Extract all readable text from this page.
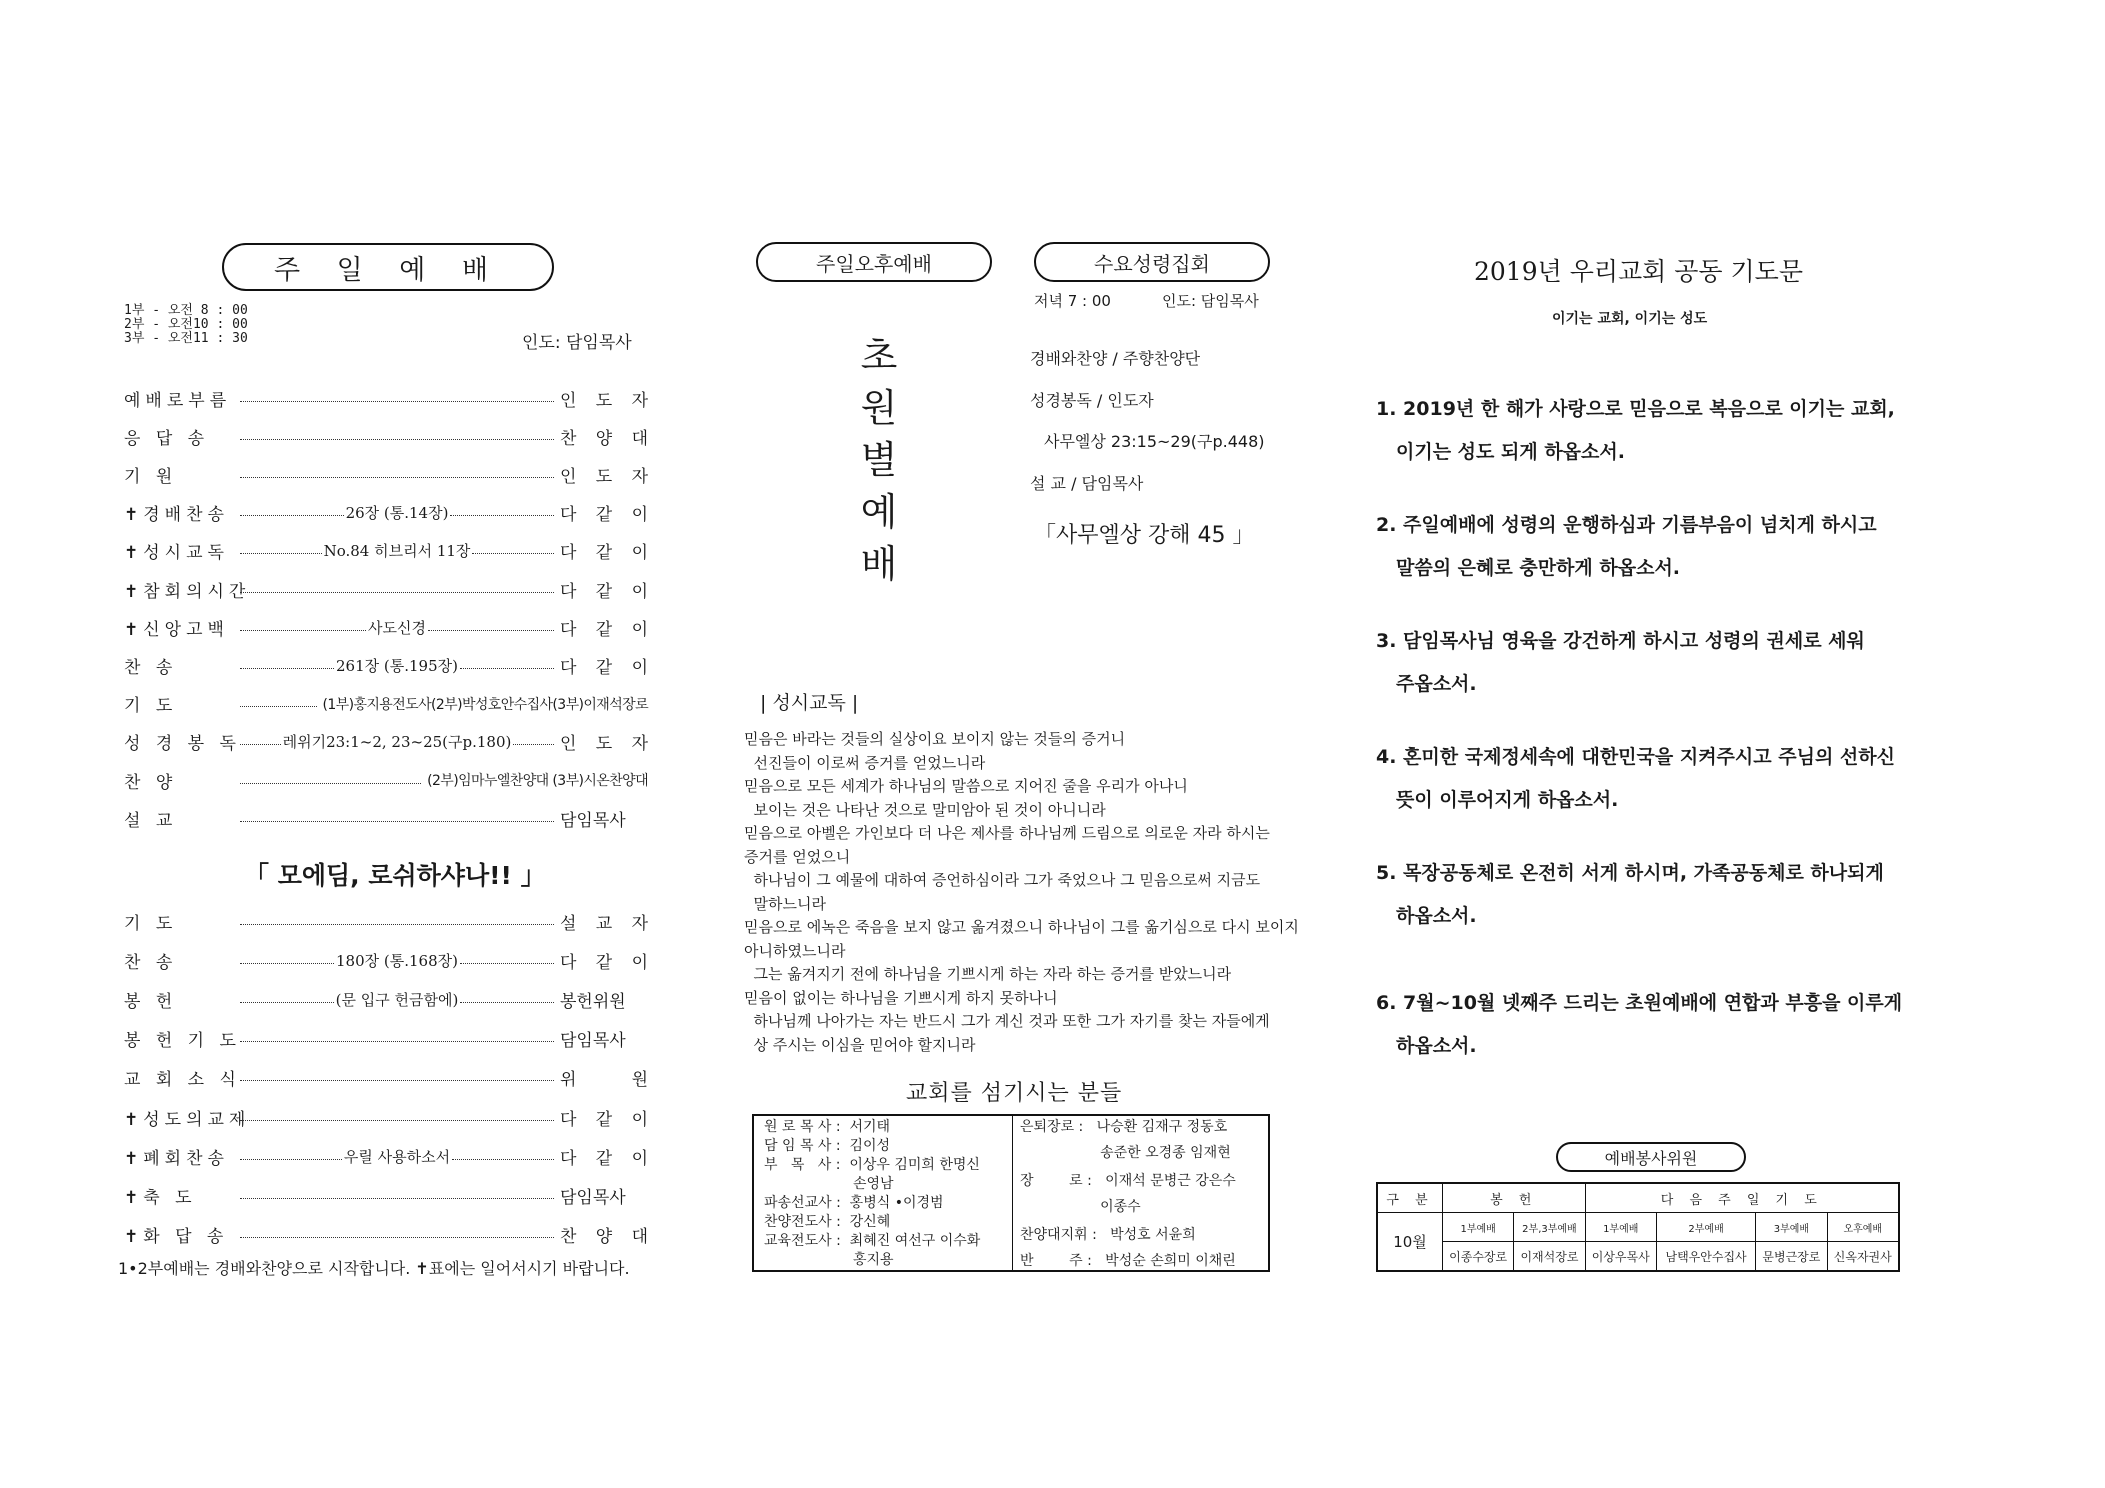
주 일 예 배
1부 - 오전 8 : 00
2부 - 오전10 : 00
3부 - 오전11 : 30	인도: 담임목사
예배로부름	인 도 자
응 답 송	찬 양 대
기 원	인 도 자
✝경배찬송	26장 (통.14장)	다 같 이
✝성시교독	No.84 히브리서 11장	다 같 이
✝참회의시간	다 같 이
✝신앙고백	사도신경	다 같 이
찬 송	261장 (통.195장)	다 같 이
기 도	(1부)홍지용전도사(2부)박성호안수집사(3부)이재석장로
성 경 봉 독	레위기23:1~2, 23~25(구p.180)	인 도 자
찬 양	(2부)임마누엘찬양대 (3부)시온찬양대
설 교	담임목사
「 모에딤, 로쉬하샤나!! 」
기 도	설 교 자
찬 송	180장 (통.168장)	다 같 이
봉 헌	(문 입구 헌금함에)	봉헌위원
봉 헌 기 도	담임목사
교 회 소 식	위 원
✝성도의교제	다 같 이
✝폐회찬송	우릴 사용하소서	다 같 이
✝축 도	담임목사
✝화 답 송	찬 양 대
1•2부예배는 경배와찬양으로 시작합니다. ✝표에는 일어서시기 바랍니다.
주일오후예배
초
원
별
예
배
수요성령집회
저녁 7 : 00	인도: 담임목사
경배와찬양 / 주향찬양단
성경봉독 / 인도자
사무엘상 23:15~29(구p.448)
설 교 / 담임목사
「사무엘상 강해 45 」
| 성시교독 |
믿음은 바라는 것들의 실상이요 보이지 않는 것들의 증거니
선진들이 이로써 증거를 얻었느니라
믿음으로 모든 세계가 하나님의 말씀으로 지어진 줄을 우리가 아나니
보이는 것은 나타난 것으로 말미암아 된 것이 아니니라
믿음으로 아벨은 가인보다 더 나은 제사를 하나님께 드림으로 의로운 자라 하시는
증거를 얻었으니
하나님이 그 예물에 대하여 증언하심이라 그가 죽었으나 그 믿음으로써 지금도
말하느니라
믿음으로 에녹은 죽음을 보지 않고 옮겨졌으니 하나님이 그를 옮기심으로 다시 보이지
아니하였느니라
그는 옮겨지기 전에 하나님을 기쁘시게 하는 자라 하는 증거를 받았느니라
믿음이 없이는 하나님을 기쁘시게 하지 못하나니
하나님께 나아가는 자는 반드시 그가 계신 것과 또한 그가 자기를 찾는 자들에게
상 주시는 이심을 믿어야 할지니라
교회를 섬기시는 분들
원 로 목 사 :  서기태
담 임 목 사 :  김이성
부   목   사 :  이상우 김미희 한명신
손영남
파송선교사 :  홍병식 •이경범
찬양전도사 :  강신혜
교육전도사 :  최혜진 여선구 이수화
홍지용
은퇴장로 :   나승환 김재구 정동호
송준한 오경종 임재현
장        로 :   이재석 문병근 강은수
이종수
찬양대지휘 :   박성호 서윤희
반        주 :   박성순 손희미 이채린
2019년 우리교회 공동 기도문
이기는 교회, 이기는 성도
1. 2019년 한 해가 사랑으로 믿음으로 복음으로 이기는 교회,
이기는 성도 되게 하옵소서.
2. 주일예배에 성령의 운행하심과 기름부음이 넘치게 하시고
말씀의 은혜로 충만하게 하옵소서.
3. 담임목사님 영육을 강건하게 하시고 성령의 권세로 세워
주옵소서.
4. 혼미한 국제정세속에 대한민국을 지켜주시고 주님의 선하신
뜻이 이루어지게 하옵소서.
5. 목장공동체로 온전히 서게 하시며, 가족공동체로 하나되게
하옵소서.
6. 7월~10월 넷째주 드리는 초원예배에 연합과 부흥을 이루게
하옵소서.
예배봉사위원
구 분	봉 헌		다 음 주 일 기 도			
10월	1부예배	2부,3부예배	1부예배	2부예배	3부예배	오후예배
	이종수장로	이재석장로	이상우목사	남택우안수집사	문병근장로	신옥자권사
